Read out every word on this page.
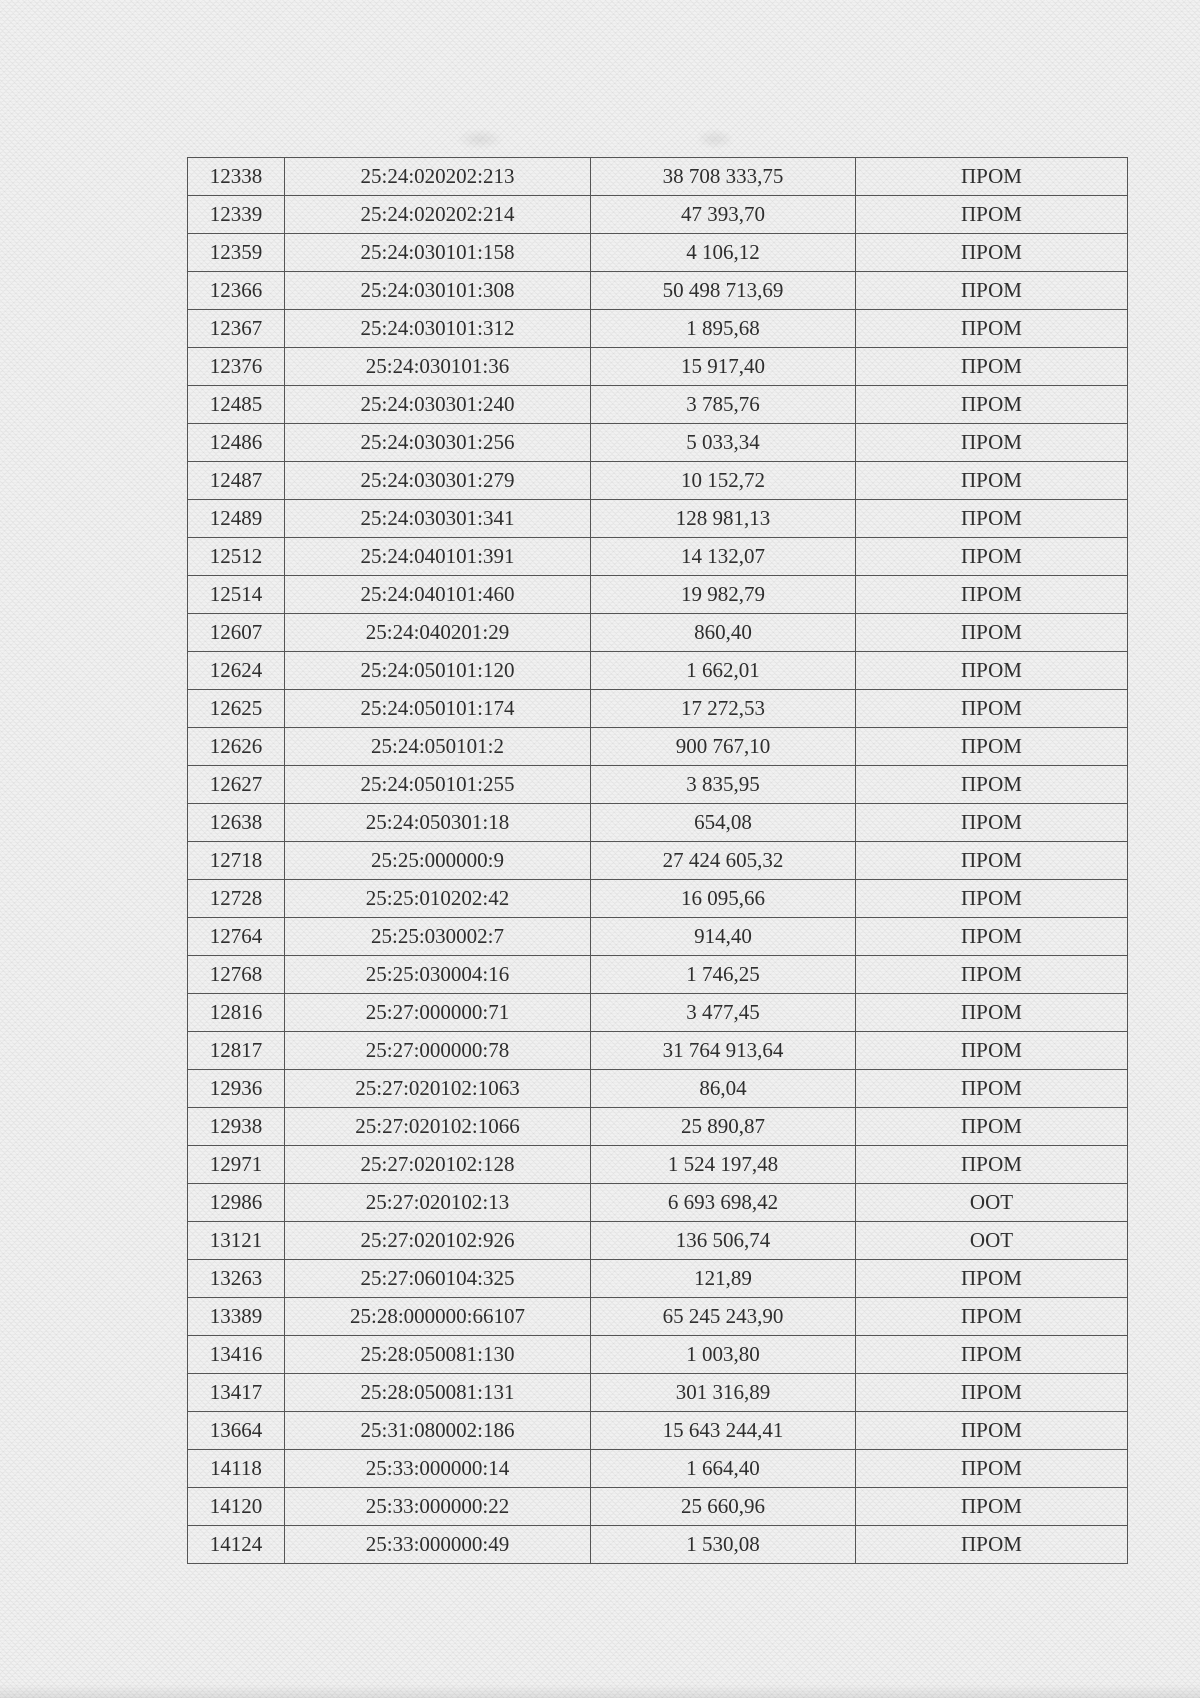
12338	25:24:020202:213	38 708 333,75	ПРОМ
12339	25:24:020202:214	47 393,70	ПРОМ
12359	25:24:030101:158	4 106,12	ПРОМ
12366	25:24:030101:308	50 498 713,69	ПРОМ
12367	25:24:030101:312	1 895,68	ПРОМ
12376	25:24:030101:36	15 917,40	ПРОМ
12485	25:24:030301:240	3 785,76	ПРОМ
12486	25:24:030301:256	5 033,34	ПРОМ
12487	25:24:030301:279	10 152,72	ПРОМ
12489	25:24:030301:341	128 981,13	ПРОМ
12512	25:24:040101:391	14 132,07	ПРОМ
12514	25:24:040101:460	19 982,79	ПРОМ
12607	25:24:040201:29	860,40	ПРОМ
12624	25:24:050101:120	1 662,01	ПРОМ
12625	25:24:050101:174	17 272,53	ПРОМ
12626	25:24:050101:2	900 767,10	ПРОМ
12627	25:24:050101:255	3 835,95	ПРОМ
12638	25:24:050301:18	654,08	ПРОМ
12718	25:25:000000:9	27 424 605,32	ПРОМ
12728	25:25:010202:42	16 095,66	ПРОМ
12764	25:25:030002:7	914,40	ПРОМ
12768	25:25:030004:16	1 746,25	ПРОМ
12816	25:27:000000:71	3 477,45	ПРОМ
12817	25:27:000000:78	31 764 913,64	ПРОМ
12936	25:27:020102:1063	86,04	ПРОМ
12938	25:27:020102:1066	25 890,87	ПРОМ
12971	25:27:020102:128	1 524 197,48	ПРОМ
12986	25:27:020102:13	6 693 698,42	ООТ
13121	25:27:020102:926	136 506,74	ООТ
13263	25:27:060104:325	121,89	ПРОМ
13389	25:28:000000:66107	65 245 243,90	ПРОМ
13416	25:28:050081:130	1 003,80	ПРОМ
13417	25:28:050081:131	301 316,89	ПРОМ
13664	25:31:080002:186	15 643 244,41	ПРОМ
14118	25:33:000000:14	1 664,40	ПРОМ
14120	25:33:000000:22	25 660,96	ПРОМ
14124	25:33:000000:49	1 530,08	ПРОМ
